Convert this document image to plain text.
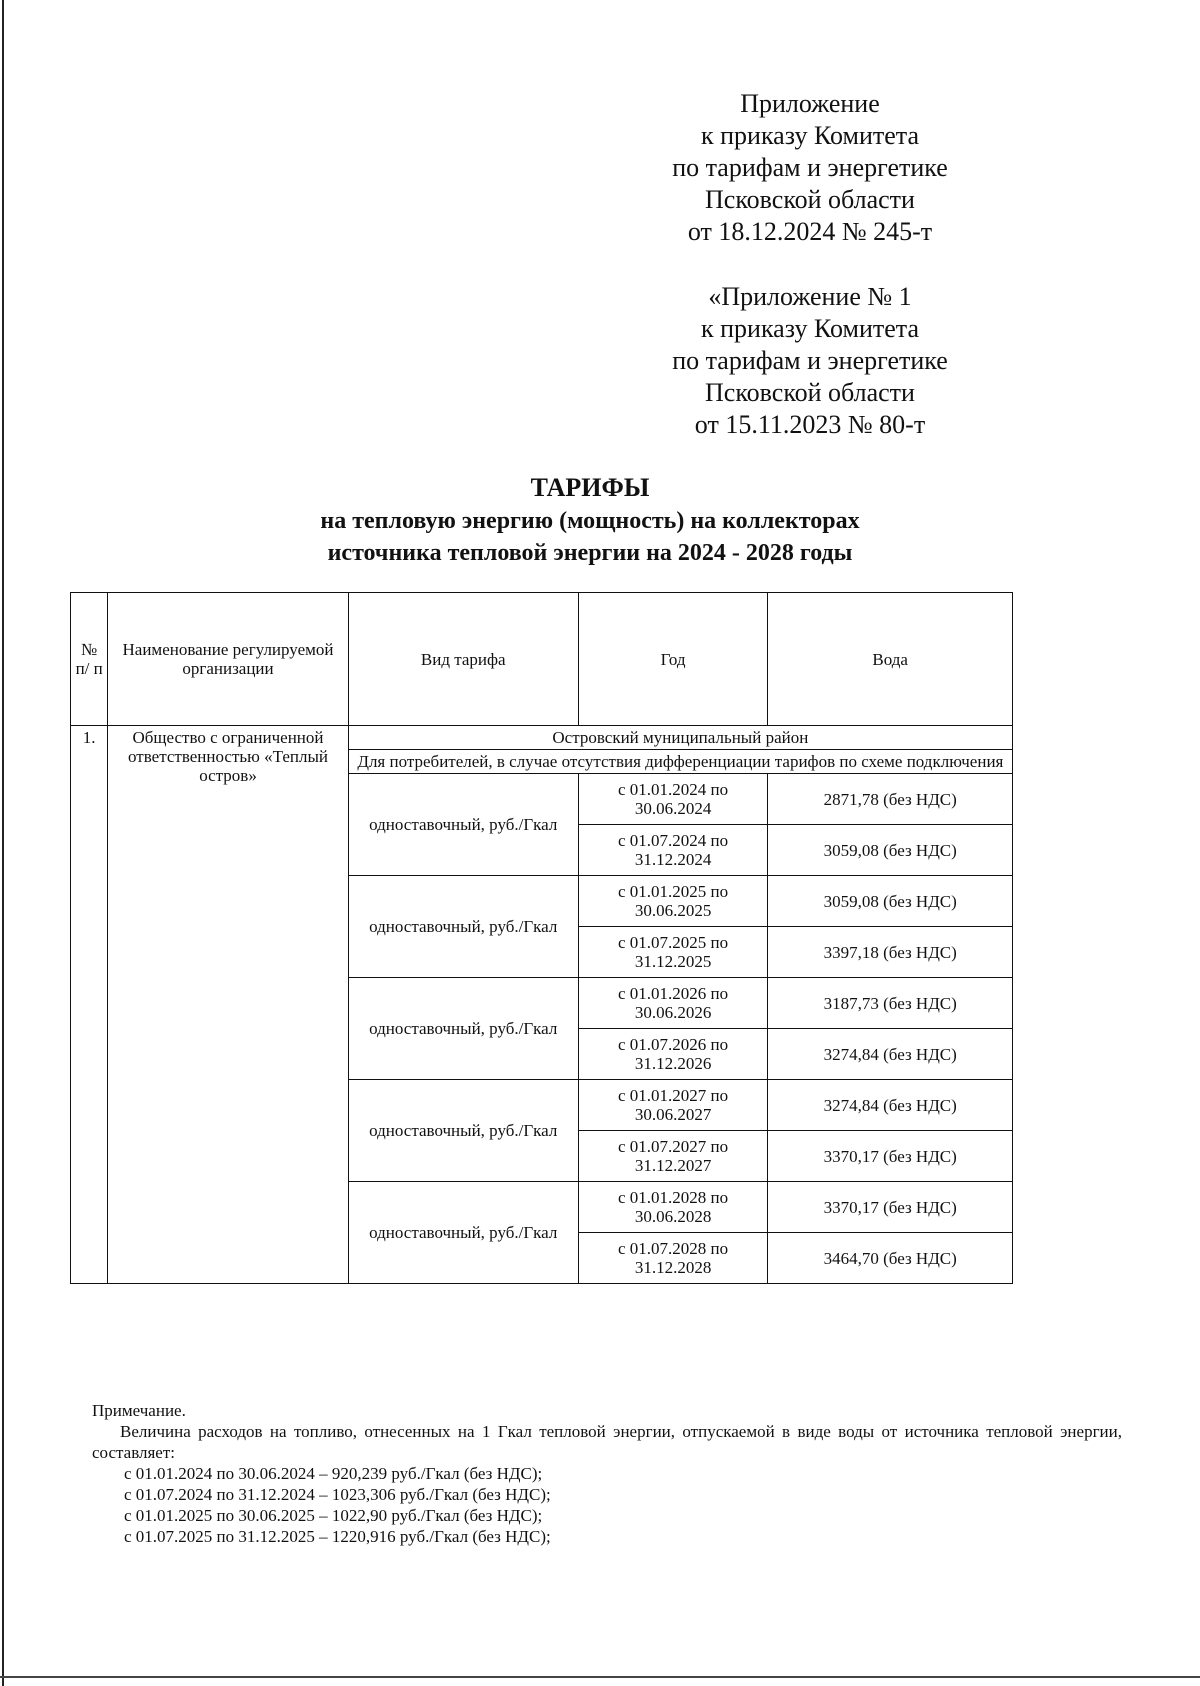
Приложение
к приказу Комитета
по тарифам и энергетике
Псковской области
от 18.12.2024 № 245-т
«Приложение № 1
к приказу Комитета
по тарифам и энергетике
Псковской области
от 15.11.2023 № 80-т
ТАРИФЫ
на тепловую энергию (мощность) на коллекторах
источника тепловой энергии на 2024 - 2028 годы
№ п/ п	Наименование регулируемой организации	Вид тарифа	Год	Вода
1.	Общество с ограниченной ответственностью «Теплый остров»	Островский муниципальный район		
		Для потребителей, в случае отсутствия дифференциации тарифов по схеме подключения		
		одноставочный, руб./Гкал	с 01.01.2024 по 30.06.2024	2871,78 (без НДС)
			с 01.07.2024 по 31.12.2024	3059,08 (без НДС)
		одноставочный, руб./Гкал	с 01.01.2025 по 30.06.2025	3059,08 (без НДС)
			с 01.07.2025 по 31.12.2025	3397,18 (без НДС)
		одноставочный, руб./Гкал	с 01.01.2026 по 30.06.2026	3187,73 (без НДС)
			с 01.07.2026 по 31.12.2026	3274,84 (без НДС)
		одноставочный, руб./Гкал	с 01.01.2027 по 30.06.2027	3274,84 (без НДС)
			с 01.07.2027 по 31.12.2027	3370,17 (без НДС)
		одноставочный, руб./Гкал	с 01.01.2028 по 30.06.2028	3370,17 (без НДС)
			с 01.07.2028 по 31.12.2028	3464,70 (без НДС)
Примечание.
Величина расходов на топливо, отнесенных на 1 Гкал тепловой энергии, отпускаемой в виде воды от источника тепловой энергии, составляет:
с 01.01.2024 по 30.06.2024 – 920,239 руб./Гкал (без НДС);
с 01.07.2024 по 31.12.2024 – 1023,306 руб./Гкал (без НДС);
с 01.01.2025 по 30.06.2025 – 1022,90 руб./Гкал (без НДС);
с 01.07.2025 по 31.12.2025 – 1220,916 руб./Гкал (без НДС);
